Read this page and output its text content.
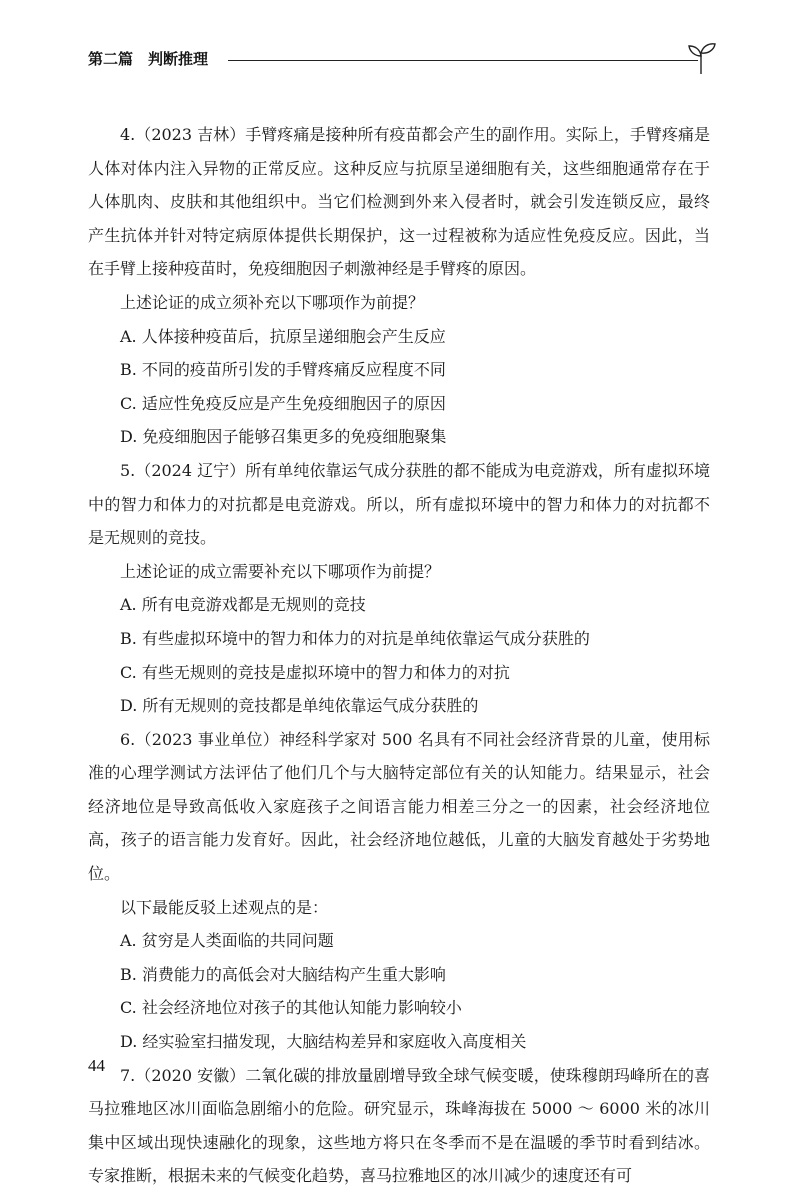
第二篇　判断推理

4.（2023 吉林）手臂疼痛是接种所有疫苗都会产生的副作用。实际上，手臂疼痛是人体对体内注入异物的正常反应。这种反应与抗原呈递细胞有关，这些细胞通常存在于人体肌肉、皮肤和其他组织中。当它们检测到外来入侵者时，就会引发连锁反应，最终产生抗体并针对特定病原体提供长期保护，这一过程被称为适应性免疫反应。因此，当在手臂上接种疫苗时，免疫细胞因子刺激神经是手臂疼的原因。

上述论证的成立须补充以下哪项作为前提？

A. 人体接种疫苗后，抗原呈递细胞会产生反应

B. 不同的疫苗所引发的手臂疼痛反应程度不同

C. 适应性免疫反应是产生免疫细胞因子的原因

D. 免疫细胞因子能够召集更多的免疫细胞聚集

5.（2024 辽宁）所有单纯依靠运气成分获胜的都不能成为电竞游戏，所有虚拟环境中的智力和体力的对抗都是电竞游戏。所以，所有虚拟环境中的智力和体力的对抗都不是无规则的竞技。

上述论证的成立需要补充以下哪项作为前提？

A. 所有电竞游戏都是无规则的竞技

B. 有些虚拟环境中的智力和体力的对抗是单纯依靠运气成分获胜的

C. 有些无规则的竞技是虚拟环境中的智力和体力的对抗

D. 所有无规则的竞技都是单纯依靠运气成分获胜的

6.（2023 事业单位）神经科学家对 500 名具有不同社会经济背景的儿童，使用标准的心理学测试方法评估了他们几个与大脑特定部位有关的认知能力。结果显示，社会经济地位是导致高低收入家庭孩子之间语言能力相差三分之一的因素，社会经济地位高，孩子的语言能力发育好。因此，社会经济地位越低，儿童的大脑发育越处于劣势地位。

以下最能反驳上述观点的是：

A. 贫穷是人类面临的共同问题

B. 消费能力的高低会对大脑结构产生重大影响

C. 社会经济地位对孩子的其他认知能力影响较小

D. 经实验室扫描发现，大脑结构差异和家庭收入高度相关

7.（2020 安徽）二氧化碳的排放量剧增导致全球气候变暖，使珠穆朗玛峰所在的喜马拉雅地区冰川面临急剧缩小的危险。研究显示，珠峰海拔在 5000 ～ 6000 米的冰川集中区域出现快速融化的现象，这些地方将只在冬季而不是在温暖的季节时看到结冰。专家推断，根据未来的气候变化趋势，喜马拉雅地区的冰川减少的速度还有可

44
